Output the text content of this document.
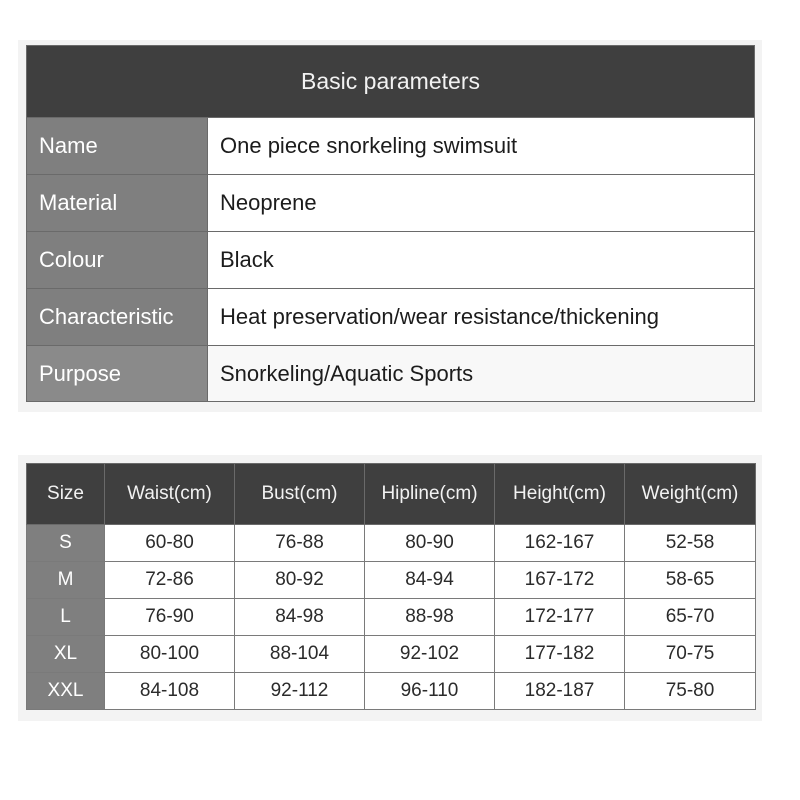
Basic parameters	
Name	One piece snorkeling swimsuit
Material	Neoprene
Colour	Black
Characteristic	Heat preservation/wear resistance/thickening
Purpose	Snorkeling/Aquatic Sports
Size	Waist(cm)	Bust(cm)	Hipline(cm)	Height(cm)	Weight(cm)
S	60-80	76-88	80-90	162-167	52-58
M	72-86	80-92	84-94	167-172	58-65
L	76-90	84-98	88-98	172-177	65-70
XL	80-100	88-104	92-102	177-182	70-75
XXL	84-108	92-112	96-110	182-187	75-80
